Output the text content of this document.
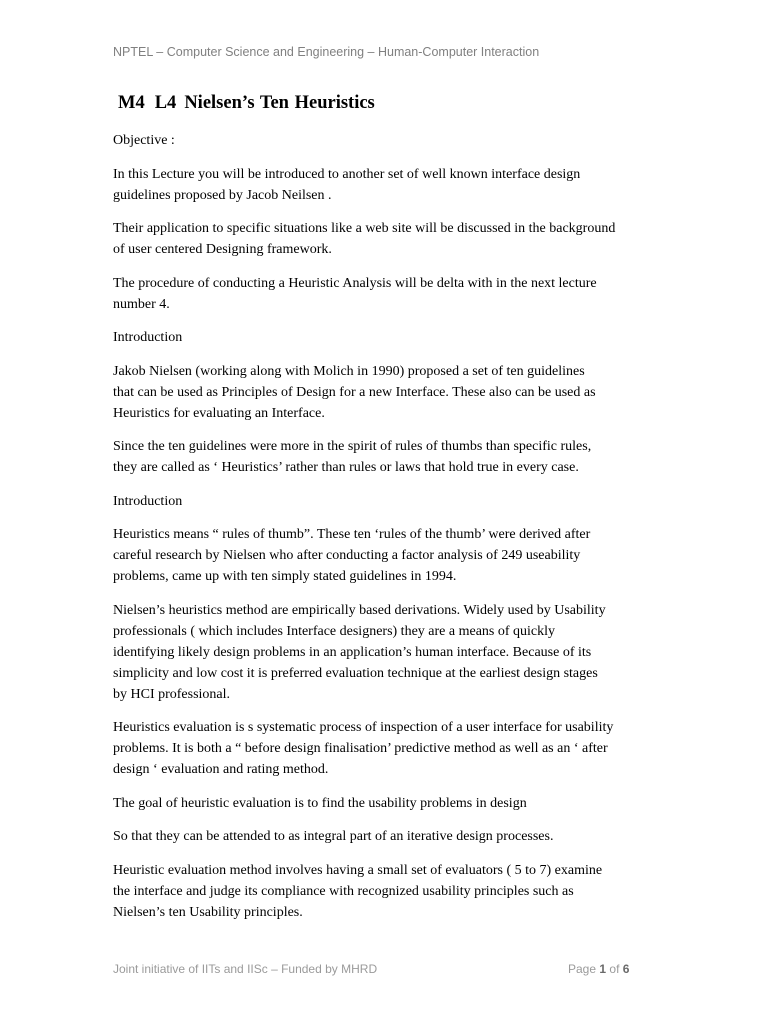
NPTEL – Computer Science and Engineering – Human-Computer Interaction
M4 L4 Nielsen’s Ten Heuristics

Objective :

In this Lecture you will be introduced to another set of well known interface design
guidelines proposed by Jacob Neilsen .

Their application to specific situations like a web site will be discussed in the background
of user centered Designing framework.

The procedure of conducting a Heuristic Analysis will be delta with in the next lecture
number 4.

Introduction

Jakob Nielsen (working along with Molich in 1990) proposed a set of ten guidelines
that can be used as Principles of Design for a new Interface. These also can be used as
Heuristics for evaluating an Interface.

Since the ten guidelines were more in the spirit of rules of thumbs than specific rules,
they are called as ‘ Heuristics’ rather than rules or laws that hold true in every case.

Introduction

Heuristics means “ rules of thumb”. These ten ‘rules of the thumb’ were derived after
careful research by Nielsen who after conducting a factor analysis of 249 useability
problems, came up with ten simply stated guidelines in 1994.

Nielsen’s heuristics method are empirically based derivations. Widely used by Usability
professionals ( which includes Interface designers) they are a means of quickly
identifying likely design problems in an application’s human interface. Because of its
simplicity and low cost it is preferred evaluation technique at the earliest design stages
by HCI professional.

Heuristics evaluation is s systematic process of inspection of a user interface for usability
problems. It is both a “ before design finalisation’ predictive method as well as an ‘ after
design ‘ evaluation and rating method.

The goal of heuristic evaluation is to find the usability problems in design

So that they can be attended to as integral part of an iterative design processes.

Heuristic evaluation method involves having a small set of evaluators ( 5 to 7) examine
the interface and judge its compliance with recognized usability principles such as
Nielsen’s ten Usability principles.

Joint initiative of IITs and IISc – Funded by MHRD	Page 1 of 6
